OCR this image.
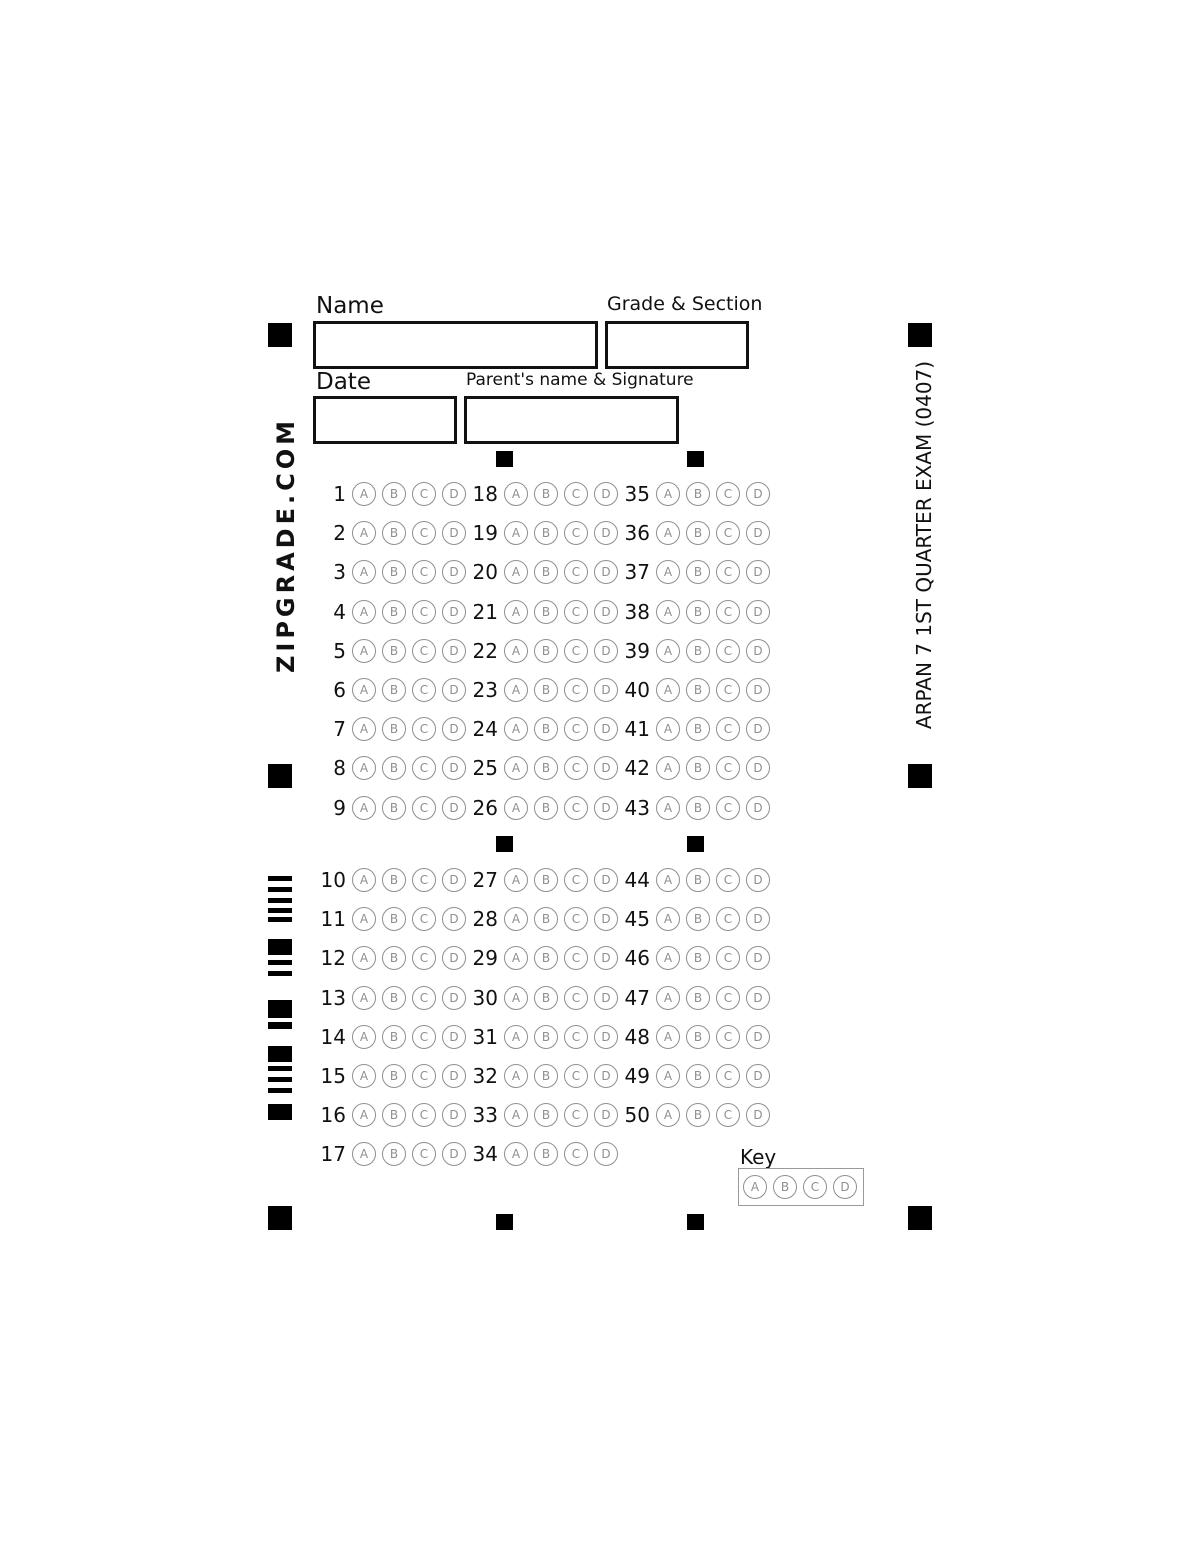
Name	Grade & Section
Date	Parent's name & Signature
ZIPGRADE.COM	ARPAN 7 1ST QUARTER EXAM (0407)
1	A	B	C	D
2	A	B	C	D
3	A	B	C	D
4	A	B	C	D
5	A	B	C	D
6	A	B	C	D
7	A	B	C	D
8	A	B	C	D
9	A	B	C	D
10	A	B	C	D
11	A	B	C	D
12	A	B	C	D
13	A	B	C	D
14	A	B	C	D
15	A	B	C	D
16	A	B	C	D
17	A	B	C	D
18	A	B	C	D
19	A	B	C	D
20	A	B	C	D
21	A	B	C	D
22	A	B	C	D
23	A	B	C	D
24	A	B	C	D
25	A	B	C	D
26	A	B	C	D
27	A	B	C	D
28	A	B	C	D
29	A	B	C	D
30	A	B	C	D
31	A	B	C	D
32	A	B	C	D
33	A	B	C	D
34	A	B	C	D
35	A	B	C	D
36	A	B	C	D
37	A	B	C	D
38	A	B	C	D
39	A	B	C	D
40	A	B	C	D
41	A	B	C	D
42	A	B	C	D
43	A	B	C	D
44	A	B	C	D
45	A	B	C	D
46	A	B	C	D
47	A	B	C	D
48	A	B	C	D
49	A	B	C	D
50	A	B	C	D
Key
A	B	C	D
